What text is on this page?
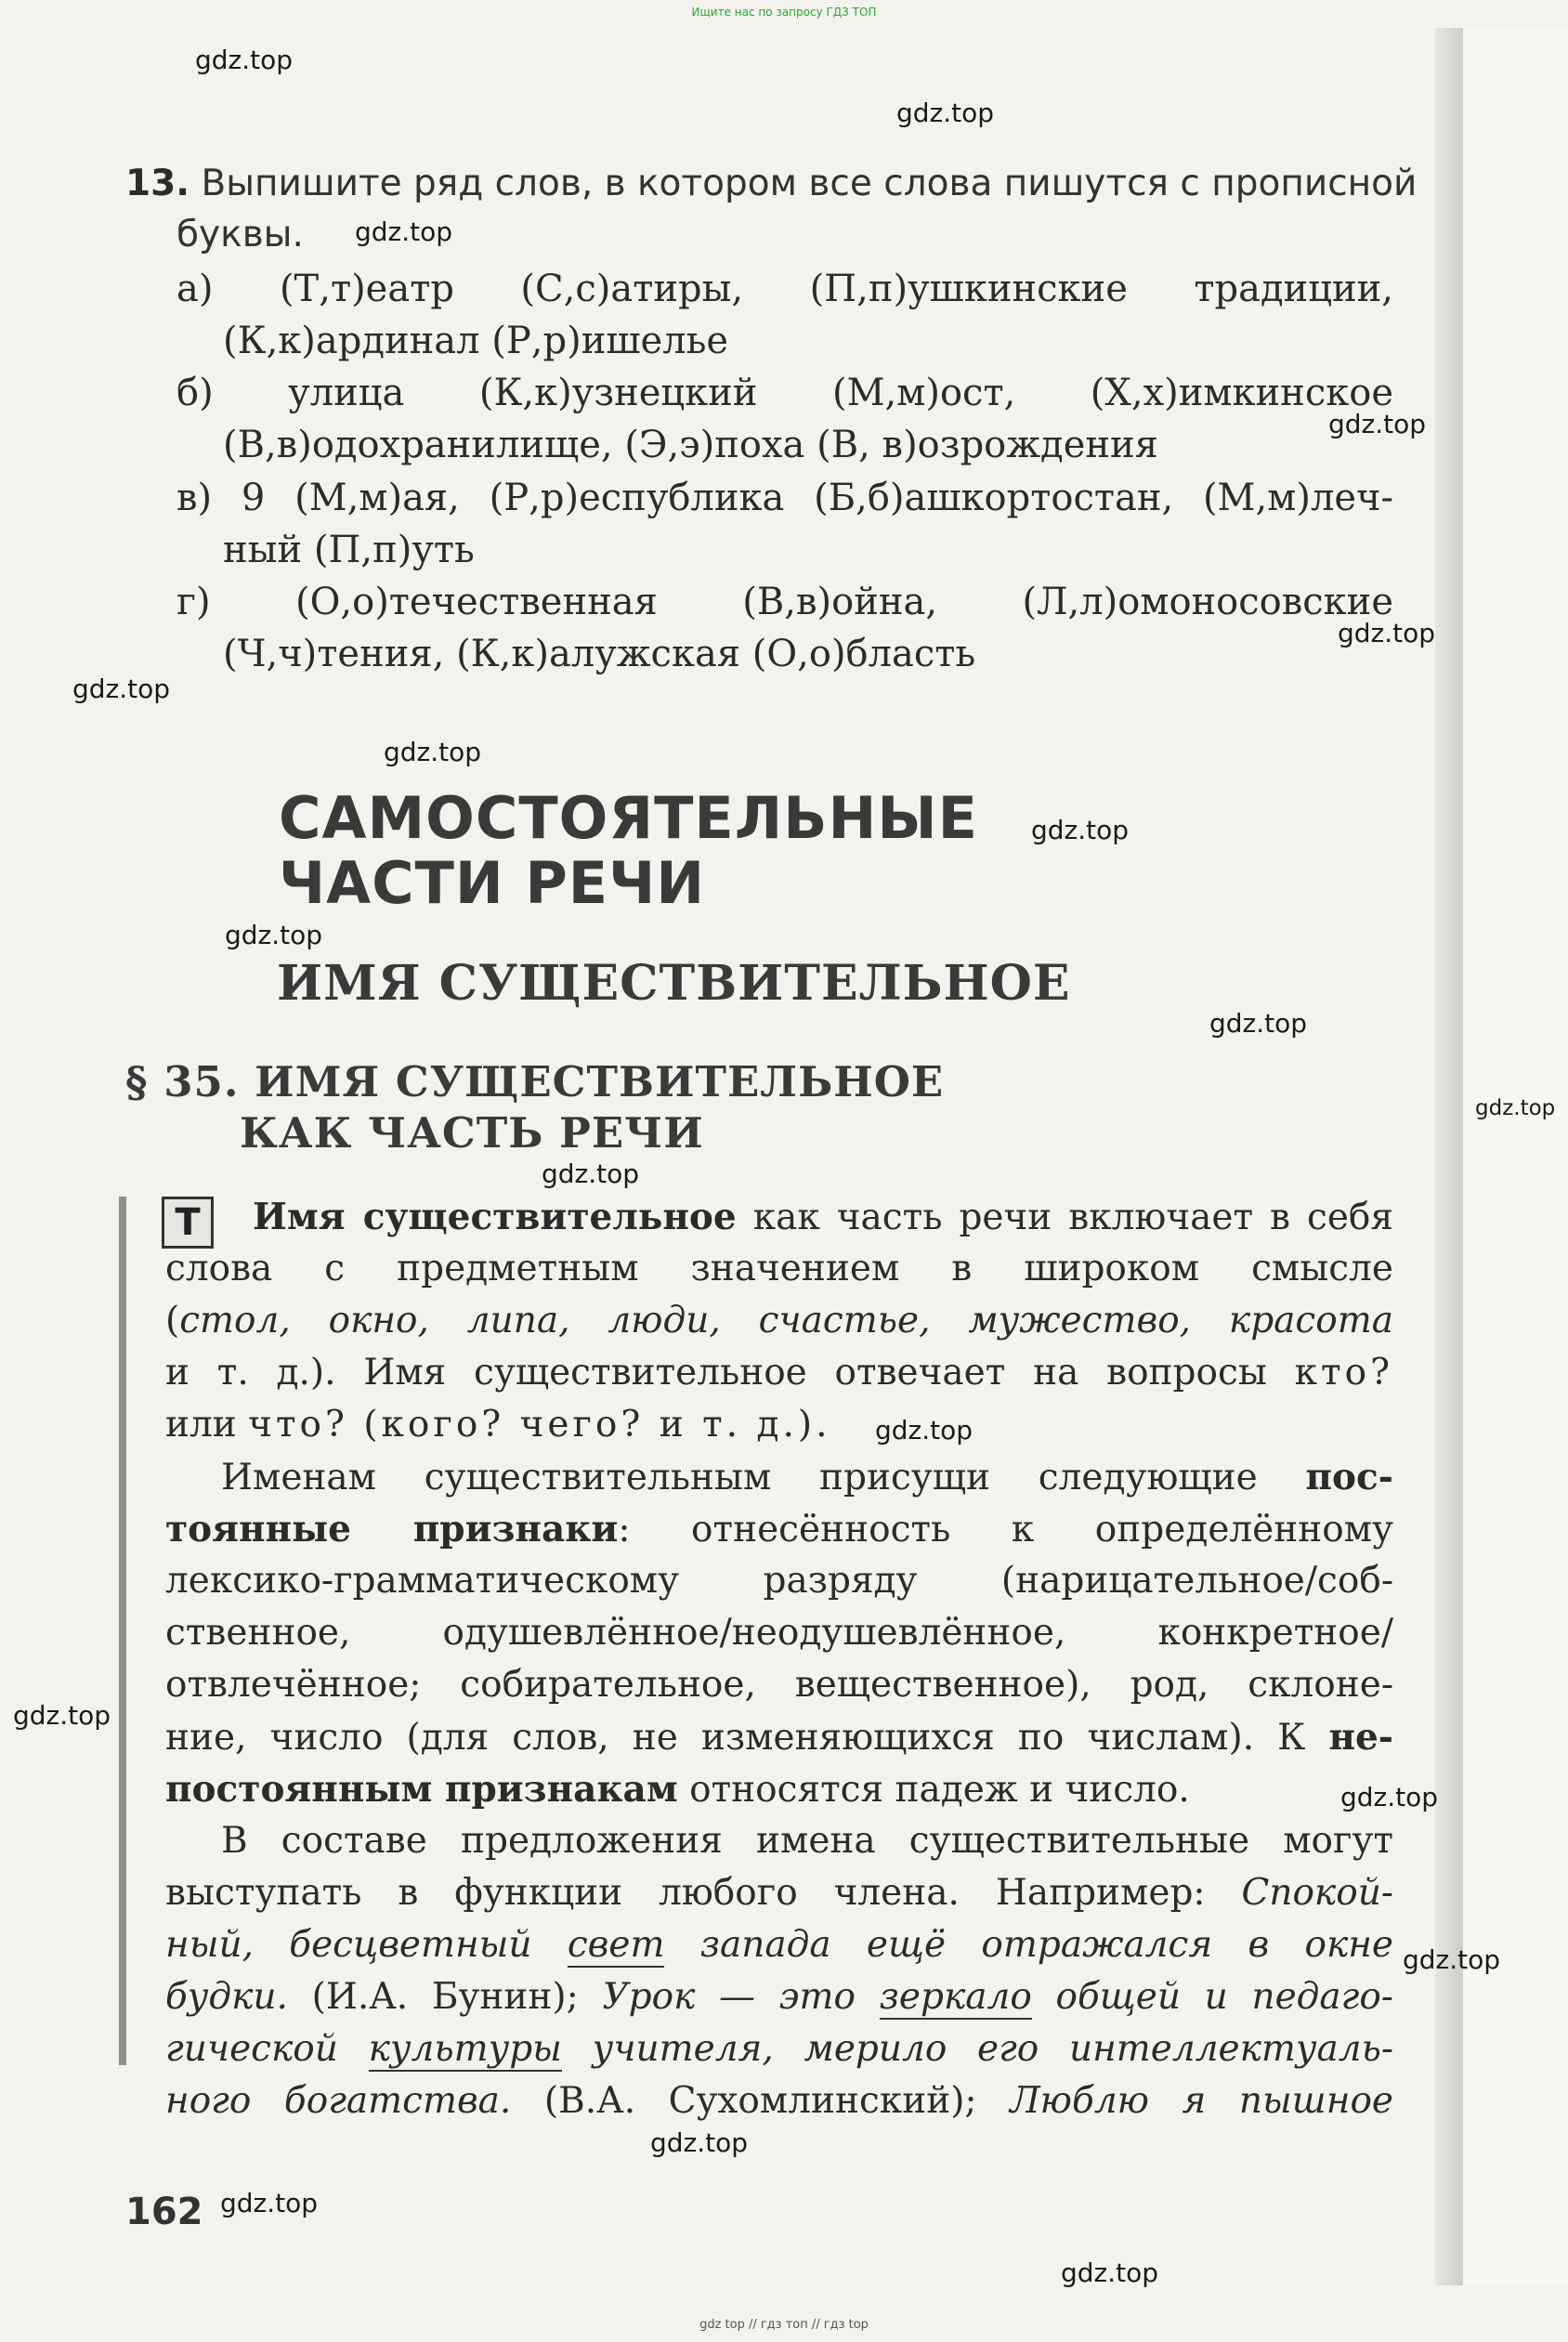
Ищите нас по запросу ГДЗ ТОП
gdz.top
gdz.top
gdz.top
gdz.top
gdz.top
gdz.top
gdz.top
gdz.top
gdz.top
gdz.top
gdz.top
gdz.top
gdz.top
gdz.top
gdz.top
gdz.top
gdz.top
gdz.top
gdz.top
13. Выпишите ряд слов, в котором все слова пишутся с прописной
буквы.
а) (Т,т)еатр (С,с)атиры, (П,п)ушкинские традиции,
(К,к)ардинал (Р,р)ишелье
б) улица (К,к)узнецкий (М,м)ост, (Х,х)имкинское
(В,в)одохранилище, (Э,э)поха (В, в)озрождения
в) 9 (М,м)ая, (Р,р)еспублика (Б,б)ашкортостан, (М,м)леч-
ный (П,п)уть
г) (О,о)течественная (В,в)ойна, (Л,л)омоносовские
(Ч,ч)тения, (К,к)алужская (О,о)бласть
САМОСТОЯТЕЛЬНЫЕ
ЧАСТИ РЕЧИ
ИМЯ СУЩЕСТВИТЕЛЬНОЕ
§ 35. ИМЯ СУЩЕСТВИТЕЛЬНОЕ
КАК ЧАСТЬ РЕЧИ
Т	Имя существительное как часть речи включает в себя
слова с предметным значением в широком смысле
(стол, окно, липа, люди, счастье, мужество, красота
и т. д.). Имя существительное отвечает на вопросы кто?
или что? (кого? чего? и т. д.).
Именам существительным присущи следующие пос-
тоянные признаки: отнесённость к определённому
лексико-грамматическому разряду (нарицательное/соб-
ственное, одушевлённое/неодушевлённое, конкретное/
отвлечённое; собирательное, вещественное), род, склоне-
ние, число (для слов, не изменяющихся по числам). К не-
постоянным признакам относятся падеж и число.
В составе предложения имена существительные могут
выступать в функции любого члена. Например: Спокой-
ный, бесцветный свет запада ещё отражался в окне
будки. (И.А. Бунин); Урок — это зеркало общей и педаго-
гической культуры учителя, мерило его интеллектуаль-
ного богатства. (В.А. Сухомлинский); Люблю я пышное
162
gdz top // гдз топ // гдз top
